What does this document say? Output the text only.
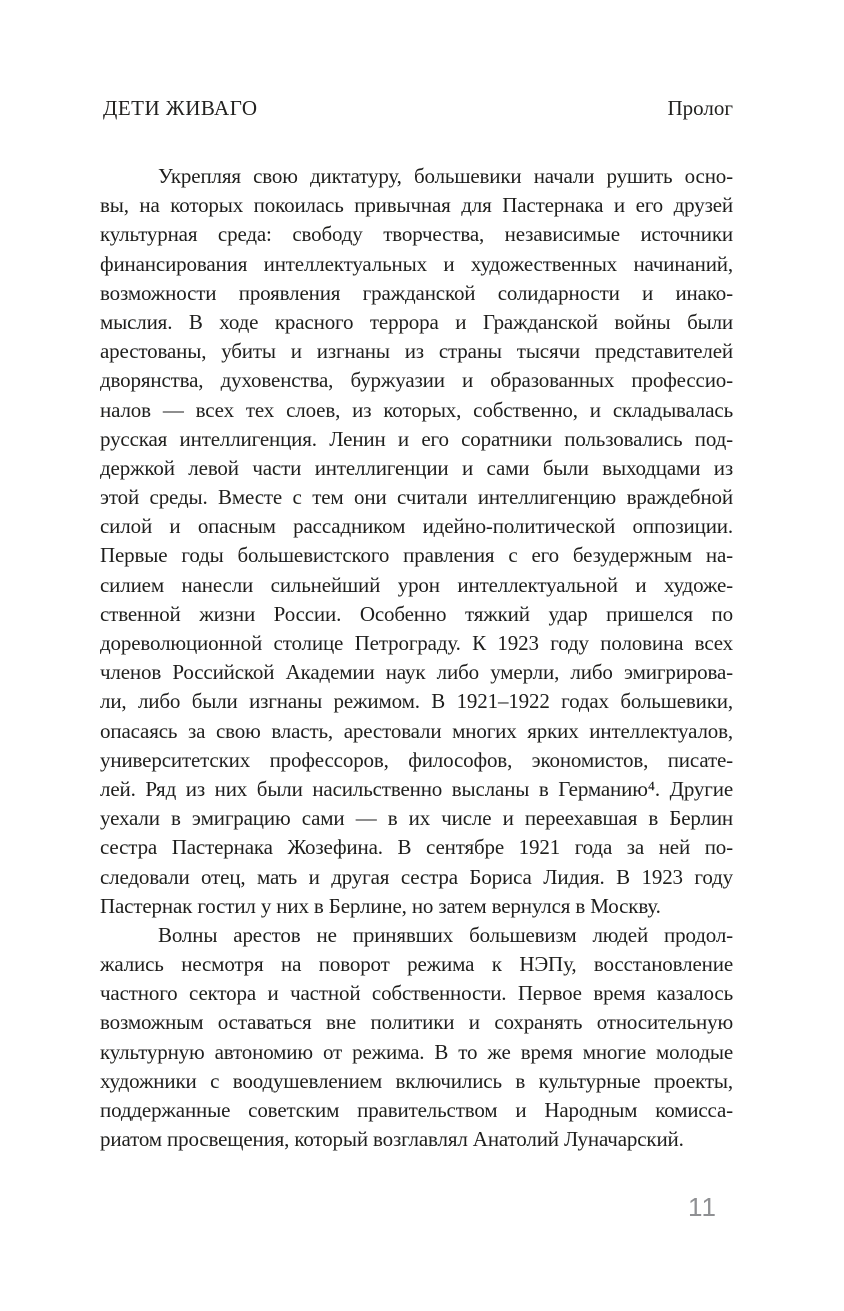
ДЕТИ ЖИВАГО	Пролог
Укрепляя свою диктатуру, большевики начали рушить осно-
вы, на которых покоилась привычная для Пастернака и его друзей
культурная среда: свободу творчества, независимые источники
финансирования интеллектуальных и художественных начинаний,
возможности проявления гражданской солидарности и инако-
мыслия. В ходе красного террора и Гражданской войны были
арестованы, убиты и изгнаны из страны тысячи представителей
дворянства, духовенства, буржуазии и образованных профессио-
налов — всех тех слоев, из которых, собственно, и складывалась
русская интеллигенция. Ленин и его соратники пользовались под-
держкой левой части интеллигенции и сами были выходцами из
этой среды. Вместе с тем они считали интеллигенцию враждебной
силой и опасным рассадником идейно-политической оппозиции.
Первые годы большевистского правления с его безудержным на-
силием нанесли сильнейший урон интеллектуальной и художе-
ственной жизни России. Особенно тяжкий удар пришелся по
дореволюционной столице Петрограду. К 1923 году половина всех
членов Российской Академии наук либо умерли, либо эмигрирова-
ли, либо были изгнаны режимом. В 1921–1922 годах большевики,
опасаясь за свою власть, арестовали многих ярких интеллектуалов,
университетских профессоров, философов, экономистов, писате-
лей. Ряд из них были насильственно высланы в Германию⁴. Другие
уехали в эмиграцию сами — в их числе и переехавшая в Берлин
сестра Пастернака Жозефина. В сентябре 1921 года за ней по-
следовали отец, мать и другая сестра Бориса Лидия. В 1923 году
Пастернак гостил у них в Берлине, но затем вернулся в Москву.
Волны арестов не принявших большевизм людей продол-
жались несмотря на поворот режима к НЭПу, восстановление
частного сектора и частной собственности. Первое время казалось
возможным оставаться вне политики и сохранять относительную
культурную автономию от режима. В то же время многие молодые
художники с воодушевлением включились в культурные проекты,
поддержанные советским правительством и Народным комисса-
риатом просвещения, который возглавлял Анатолий Луначарский.
11
